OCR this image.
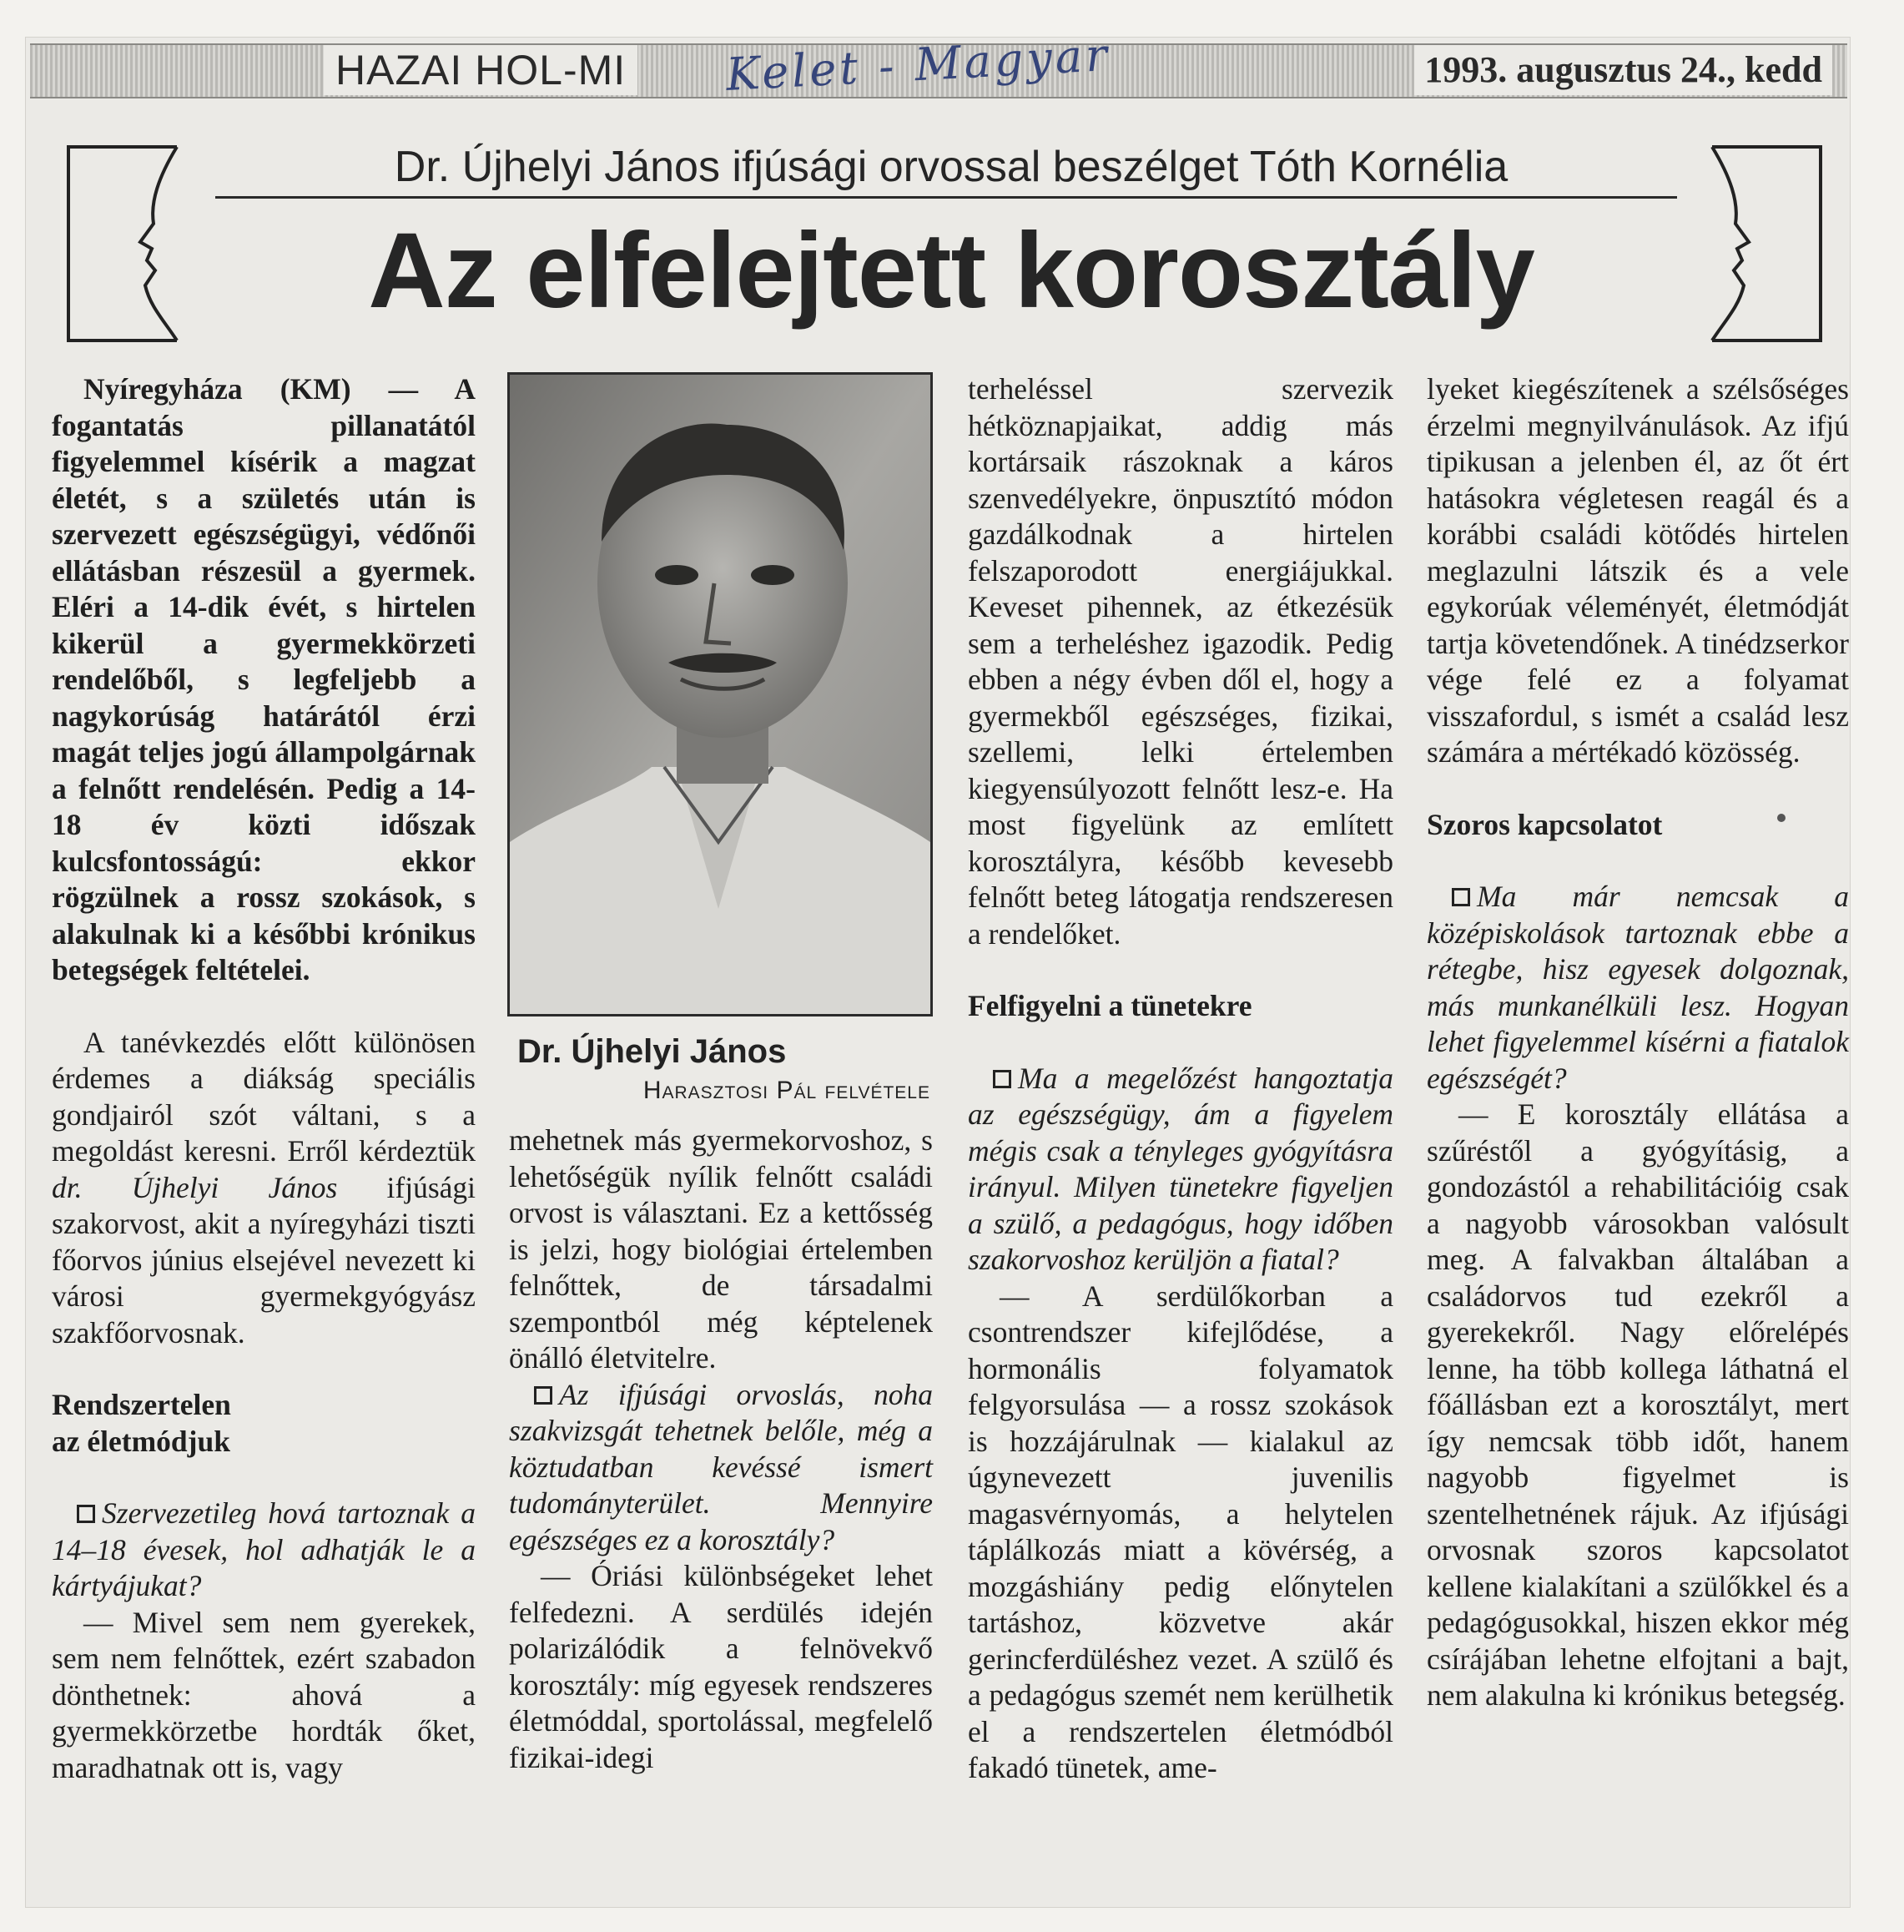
HAZAI HOL-MI Kelet - Magyar	1993. augusztus 24., kedd
Dr. Újhelyi János ifjúsági orvossal beszélget Tóth Kornélia
Az elfelejtett korosztály

Nyíregyháza (KM) — A fogantatás pillanatától figyelemmel kísérik a magzat életét, s a születés után is szervezett egészségügyi, védőnői ellátásban részesül a gyermek. Eléri a 14-dik évét, s hirtelen kikerül a gyermekkörzeti rendelőből, s legfeljebb a nagykorúság határától érzi magát teljes jogú állampolgárnak a felnőtt rendelésén. Pedig a 14-18 év közti időszak kulcsfontosságú: ekkor rögzülnek a rossz szokások, s alakulnak ki a későbbi krónikus betegségek feltételei.

A tanévkezdés előtt különösen érdemes a diákság speciális gondjairól szót váltani, s a megoldást keresni. Erről kérdeztük dr. Újhelyi János ifjúsági szakorvost, akit a nyíregyházi tiszti főorvos június elsejével nevezett ki városi gyermekgyógyász szakfőorvosnak.

Rendszertelen

az életmódjuk

Szervezetileg hová tartoznak a 14–18 évesek, hol adhatják le a kártyájukat?

— Mivel sem nem gyerekek, sem nem felnőttek, ezért szabadon dönthetnek: ahová a gyermekkörzetbe hordták őket, maradhatnak ott is, vagy

Dr. Újhelyi János
Harasztosi Pál felvétele

mehetnek más gyermekorvoshoz, s lehetőségük nyílik felnőtt családi orvost is választani. Ez a kettősség is jelzi, hogy biológiai értelemben felnőttek, de társadalmi szempontból még képtelenek önálló életvitelre.

Az ifjúsági orvoslás, noha szakvizsgát tehetnek belőle, még a köztudatban kevéssé ismert tudományterület. Mennyire egészséges ez a korosztály?

— Óriási különbségeket lehet felfedezni. A serdülés idején polarizálódik a felnövekvő korosztály: míg egyesek rendszeres életmóddal, sportolással, megfelelő fizikai-idegi

terheléssel szervezik hétköznapjaikat, addig más kortársaik rászoknak a káros szenvedélyekre, önpusztító módon gazdálkodnak a hirtelen felszaporodott energiájukkal. Keveset pihennek, az étkezésük sem a terheléshez igazodik. Pedig ebben a négy évben dől el, hogy a gyermekből egészséges, fizikai, szellemi, lelki értelemben kiegyensúlyozott felnőtt lesz-e. Ha most figyelünk az említett korosztályra, később kevesebb felnőtt beteg látogatja rendszeresen a rendelőket.

Felfigyelni a tünetekre

Ma a megelőzést hangoztatja az egészségügy, ám a figyelem mégis csak a tényleges gyógyításra irányul. Milyen tünetekre figyeljen a szülő, a pedagógus, hogy időben szakorvoshoz kerüljön a fiatal?

— A serdülőkorban a csontrendszer kifejlődése, a hormonális folyamatok felgyorsulása — a rossz szokások is hozzájárulnak — kialakul az úgynevezett juvenilis magasvérnyomás, a helytelen táplálkozás miatt a kövérség, a mozgáshiány pedig előnytelen tartáshoz, közvetve akár gerincferdüléshez vezet. A szülő és a pedagógus szemét nem kerülhetik el a rendszertelen életmódból fakadó tünetek, ame-

lyeket kiegészítenek a szélsőséges érzelmi megnyilvánulások. Az ifjú tipikusan a jelenben él, az őt ért hatásokra végletesen reagál és a korábbi családi kötődés hirtelen meglazulni látszik és a vele egykorúak véleményét, életmódját tartja követendőnek. A tinédzserkor vége felé ez a folyamat visszafordul, s ismét a család lesz számára a mértékadó közösség.

Szoros kapcsolatot

Ma már nemcsak a középiskolások tartoznak ebbe a rétegbe, hisz egyesek dolgoznak, más munkanélküli lesz. Hogyan lehet figyelemmel kísérni a fiatalok egészségét?

— E korosztály ellátása a szűréstől a gyógyításig, a gondozástól a rehabilitációig csak a nagyobb városokban valósult meg. A falvakban általában a családorvos tud ezekről a gyerekekről. Nagy előrelépés lenne, ha több kollega láthatná el főállásban ezt a korosztályt, mert így nemcsak több időt, hanem nagyobb figyelmet is szentelhetnének rájuk. Az ifjúsági orvosnak szoros kapcsolatot kellene kialakítani a szülőkkel és a pedagógusokkal, hiszen ekkor még csírájában lehetne elfojtani a bajt, nem alakulna ki krónikus betegség.
